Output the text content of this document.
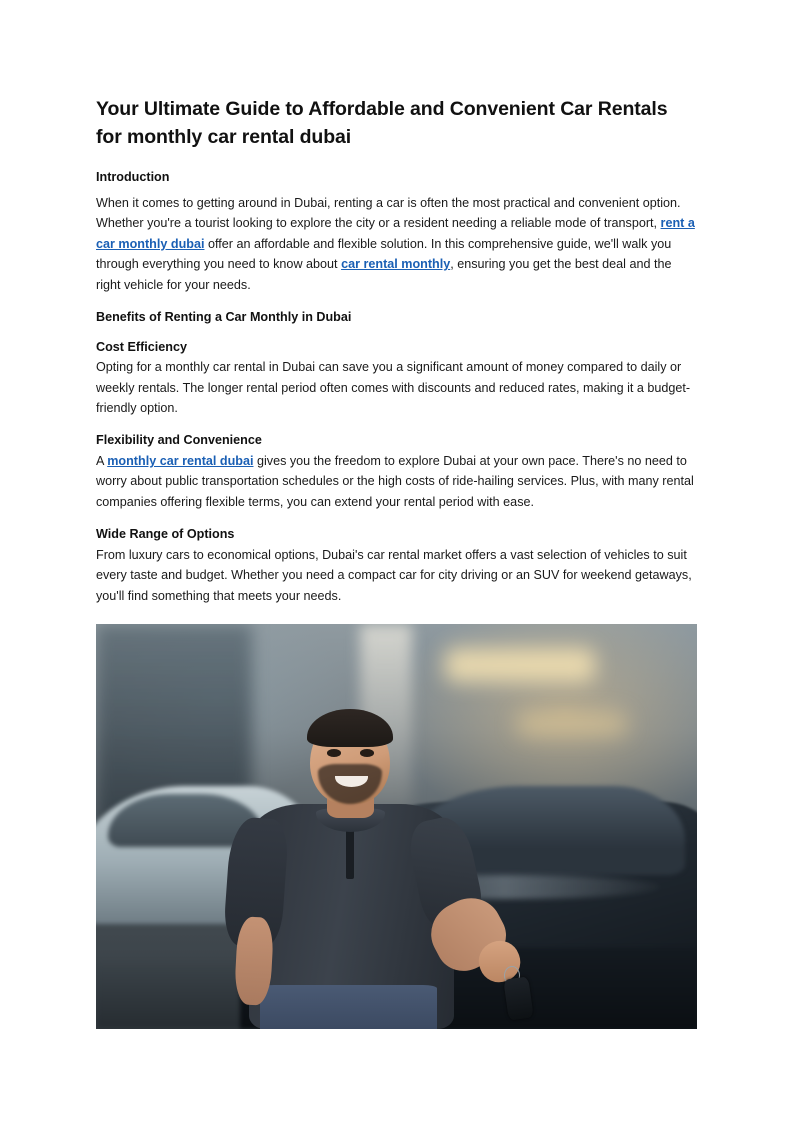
Your Ultimate Guide to Affordable and Convenient Car Rentals for monthly car rental dubai
Introduction

When it comes to getting around in Dubai, renting a car is often the most practical and convenient option. Whether you're a tourist looking to explore the city or a resident needing a reliable mode of transport, rent a car monthly dubai offer an affordable and flexible solution. In this comprehensive guide, we'll walk you through everything you need to know about car rental monthly, ensuring you get the best deal and the right vehicle for your needs.

Benefits of Renting a Car Monthly in Dubai
Cost Efficiency

Opting for a monthly car rental in Dubai can save you a significant amount of money compared to daily or weekly rentals. The longer rental period often comes with discounts and reduced rates, making it a budget-friendly option.

Flexibility and Convenience

A monthly car rental dubai gives you the freedom to explore Dubai at your own pace. There's no need to worry about public transportation schedules or the high costs of ride-hailing services. Plus, with many rental companies offering flexible terms, you can extend your rental period with ease.

Wide Range of Options

From luxury cars to economical options, Dubai's car rental market offers a vast selection of vehicles to suit every taste and budget. Whether you need a compact car for city driving or an SUV for weekend getaways, you'll find something that meets your needs.
